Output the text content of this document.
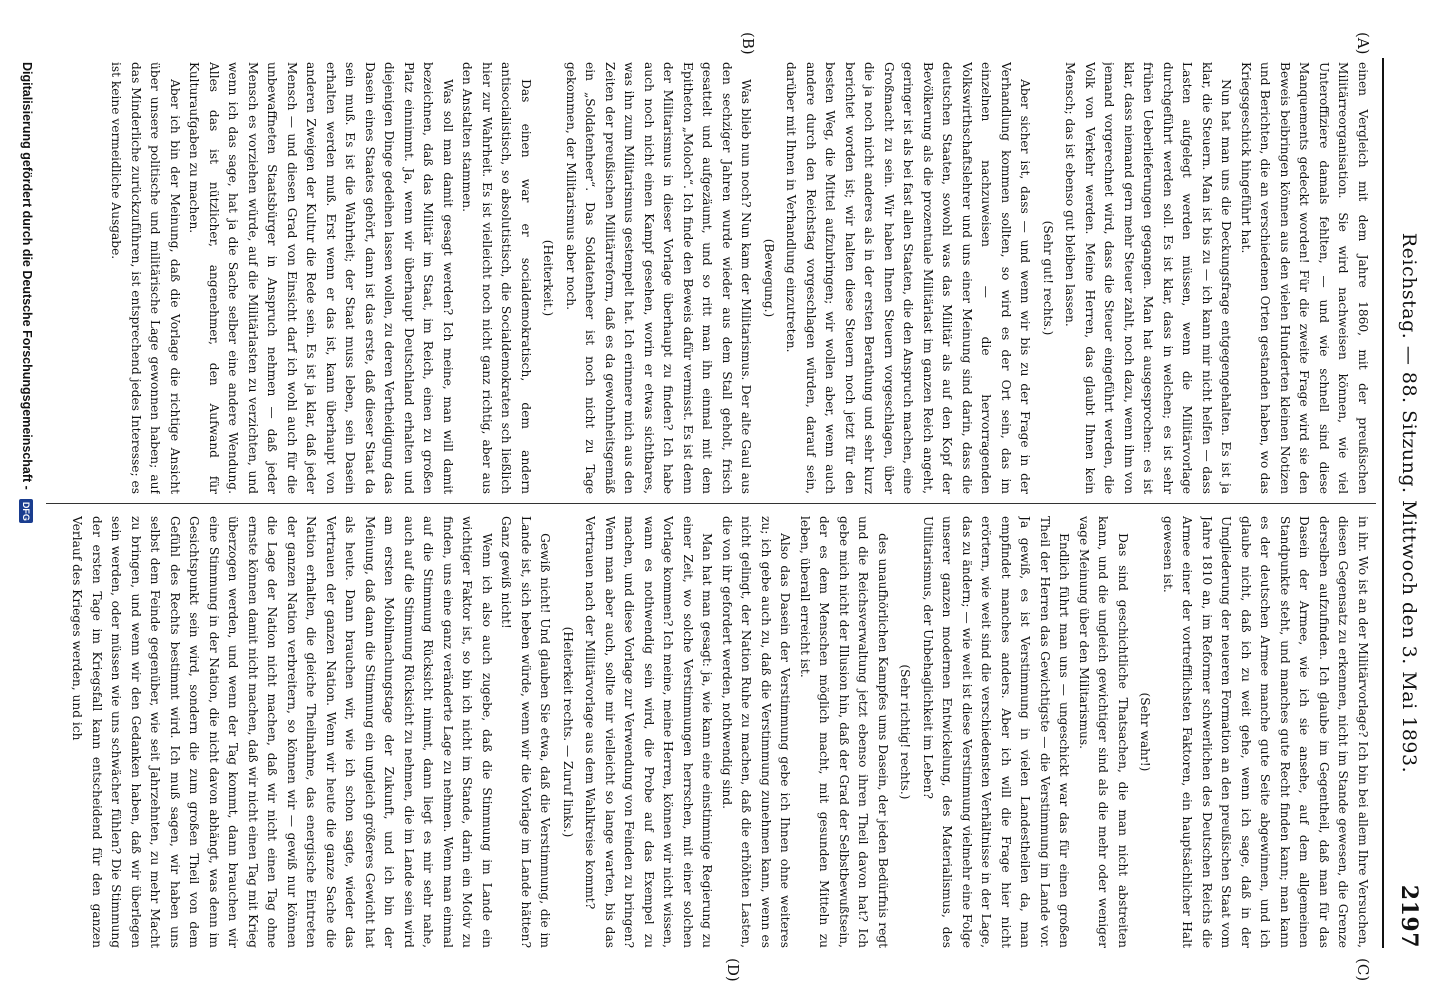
Reichstag. — 88. Sitzung. Mittwoch den 3. Mai 1893.
2197
(A)
(B)
(C)
(D)

einen Vergleich mit dem Jahre 1860, mit der preußischen Militärreorganisation. Sie wird nachweisen können, wie viel Unteroffiziere damals fehlten, — und wie schnell sind diese Manquements gedeckt worden! Für die zweite Frage wird sie den Beweis beibringen können aus den vielen Hunderten kleinen Notizen und Berichten, die an verschiedenen Orten gestanden haben, wo das Kriegsgeschick hingeführt hat.

Nun hat man uns die Deckungsfrage entgegengehalten. Es ist ja klar, die Steuern. Man ist bis zu — ich kann mir nicht helfen — dass Lasten aufgelegt werden müssen, wenn die Militärvorlage durchgeführt werden soll. Es ist klar, dass in welchen; es ist sehr frühen Ueberlieferungen gegangen. Man hat ausgesprochen: es ist klar, dass niemand gern mehr Steuer zahlt, noch dazu, wenn ihm von jemand vorgerechnet wird, dass die Steuer eingeführt werden, die Volk von Verkehr werden. Meine Herren, das glaubt Ihnen kein Mensch; das ist ebenso gut bleiben lassen.

(Sehr gut! rechts.)

Aber sicher ist, dass — und wenn wir bis zu der Frage in der Verhandlung kommen sollten, so wird es der Ort sein, das im einzelnen nachzuweisen — die hervorragenden Volkswirthschaftslehrer und uns einer Meinung sind darin, dass die deutschen Staaten, sowohl was das Militär als auf den Kopf der Bevölkerung als die prozentuale Militärlast im ganzen Reich angeht, geringer ist als bei fast allen Staaten, die den Anspruch machen, eine Großmacht zu sein. Wir haben Ihnen Steuern vorgeschlagen, über die ja noch nicht anderes als in der ersten Berathung und sehr kurz berichtet worden ist; wir halten diese Steuern noch jetzt für den besten Weg, die Mittel aufzubringen; wir wollen aber, wenn auch andere durch den Reichstag vorgeschlagen würden, darauf sein, darüber mit Ihnen in Verhandlung einzutreten.

(Bewegung.)

Was blieb nun noch? Nun kam der Militarismus. Der alte Gaul aus den sechziger Jahren wurde wieder aus dem Stall geholt, frisch gesattelt und aufgezäumt, und so ritt man ihn einmal mit dem Epitheton „Moloch“. Ich finde den Beweis dafür vermisst. Es ist denn der Militarismus in dieser Vorlage überhaupt zu finden? Ich habe auch noch nicht einen Kampf gesehen, worin er etwas sichtbares, was ihn zum Militarismus gestempelt hat. Ich erinnere mich aus den Zeiten der preußischen Militärreform, daß es da gewohnheitsgemäß ein „Soldatenheer“. Das Soldatenheer ist noch nicht zu Tage gekommen, der Militarismus aber noch.

(Heiterkeit.)

Das einen war er socialdemokratisch, dem andern antisocialistisch, so absolutistisch, die Socialdemokraten sch ließlich hier zur Wahrheit. Es ist vielleicht noch nicht ganz richtig, aber aus den Anstalten stammen.

Was soll man damit gesagt werden? Ich meine, man will damit bezeichnen, daß das Militär im Staat, im Reich, einen zu großen Platz einnimmt. Ja, wenn wir überhaupt Deutschland erhalten und diejenigen Dinge gedeihen lassen wollen, zu deren Vertheidigung das Dasein eines Staates gehört, dann ist das erste, daß dieser Staat da sein muß. Es ist die Wahrheit; der Staat muss leben, sein Dasein erhalten werden muß. Erst wenn er das ist, kann überhaupt von anderen Zweigen der Kultur die Rede sein. Es ist ja klar, daß jeder Mensch — und diesen Grad von Einsicht darf ich wohl auch für die unbewaffneten Staatsbürger in Anspruch nehmen — daß jeder Mensch es vorziehen würde, auf die Militärlasten zu verzichten, und wenn ich das sage, hat ja die Sache selber eine andere Wendung. Alles das ist nützlicher, angenehmer, den Aufwand für Kulturaufgaben zu machen.

Aber ich bin der Meinung, daß die Vorlage die richtige Ansicht über unsere politische und militärische Lage gewonnen haben; auf das Minderliche zurückzuführen, ist entsprechend jedes Interesse; es ist keine vermeidliche Ausgabe.

in ihr. Wo ist an der Militärvorlage? Ich bin bei allem Ihre Versuchen, diesen Gegensatz zu erkennen, nicht im Stande gewesen, die Grenze derselben aufzufinden. Ich glaube im Gegentheil, daß man für das Dasein der Armee, wie ich sie ansehe, auf dem allgemeinen Standpunkte steht, und manches gute Recht finden kann; man kann es der deutschen Armee manche gute Seite abgewinnen, und ich glaube nicht, daß ich zu weit gehe, wenn ich sage, daß in der Umgliederung der neueren Formation an den preußischen Staat vom Jahre 1810 an, im Reformer schwerlichen des Deutschen Reichs die Armee einer der vortrefflichsten Faktoren, ein hauptsächlicher Halt gewesen ist.

(Sehr wahr!)

Das sind geschichtliche Thatsachen, die man nicht abstreiten kann, und die ungleich gewichtiger sind als die mehr oder weniger vage Meinung über den Militarismus.

Endlich führt man uns — ungeschickt war das für einen großen Theil der Herren das Gewichtigste — die Verstimmung im Lande vor. Ja gewiß, es ist Verstimmung in vielen Landestheilen da, man empfindet manches anders. Aber ich will die Frage hier nicht erörtern, wie weit sind die verschiedensten Verhältnisse in der Lage, das zu ändern; — wie weit ist diese Verstimmung vielmehr eine Folge unserer ganzen modernen Entwickelung, des Materialismus, des Utilitarismus, der Unbehaglichkeit im Leben?

(Sehr richtig! rechts.)

des unaufhörlichen Kampfes ums Dasein, der jeden Bedürfnis regt und die Reichsverwaltung jetzt ebenso ihren Theil davon hat? Ich gebe mich nicht der Illusion hin, daß der Grad der Selbstbewußtsein, der es dem Menschen möglich macht, mit gesunden Mitteln zu leben, überall erreicht ist.

Also das Dasein der Verstimmung gebe ich Ihnen ohne weiteres zu; ich gebe auch zu, daß die Verstimmung zunehmen kann, wenn es nicht gelingt, der Nation Ruhe zu machen, daß die erhöhten Lasten, die von ihr gefordert werden, nothwendig sind.

Man hat man gesagt: ja, wie kann eine einstimmige Regierung zu einer Zeit, wo solche Verstimmungen herrschen, mit einer solchen Vorlage kommen? Ich meine, meine Herren, können wir nicht wissen, wann es nothwendig sein wird, die Probe auf das Exempel zu machen, und diese Vorlage zur Verwendung von Feinden zu bringen? Wenn man aber auch, sollte mir vielleicht so lange warten, bis das Vertrauen nach der Militärvorlage aus dem Wahlkreise kommt?

(Heiterkeit rechts. — Zuruf links.)

Gewiß nicht! Und glauben Sie etwa, daß die Verstimmung, die im Lande ist, sich heben würde, wenn wir die Vorlage im Lande hätten? Ganz gewiß nicht!

Wenn ich also auch zugebe, daß die Stimmung im Lande ein wichtiger Faktor ist, so bin ich nicht im Stande, darin ein Motiv zu finden, uns eine ganz veränderte Lage zu nehmen. Wenn man einmal auf die Stimmung Rücksicht nimmt, dann liegt es mir sehr nahe, auch auf die Stimmung Rücksicht zu nehmen, die im Lande sein wird am ersten Mobilmachungstage der Zukunft, und ich bin der Meinung, daß dann die Stimmung ein ungleich größeres Gewicht hat als heute. Dann brauchen wir, wie ich schon sagte, wieder das Vertrauen der ganzen Nation. Wenn wir heute die ganze Sache die Nation erhalten, die gleiche Theilnahme, das energische Eintreten der ganzen Nation verbreitern, so können wir — gewiß nur können die Lage der Nation nicht machen, daß wir nicht einen Tag ohne ernste können damit nicht machen, daß wir nicht einen Tag mit Krieg überzogen werden, und wenn der Tag kommt, dann brauchen wir eine Stimmung in der Nation, die nicht davon abhängt, was denn im Gesichtspunkt sein wird, sondern die zum großen Theil von dem Gefühl des Rechts bestimmt wird. Ich muß sagen, wir haben uns selbst dem Feinde gegenüber, wie seit Jahrzehnten, zu mehr Macht zu bringen, und wenn wir den Gedanken haben, daß wir überlegen sein werden, oder müssen wie uns schwächer fühlen? Die Stimmung der ersten Tage im Kriegsfall kann entscheidend für den ganzen Verlauf des Krieges werden, und ich

Digitalisierung gefördert durch die Deutsche Forschungsgemeinschaft - DFG
